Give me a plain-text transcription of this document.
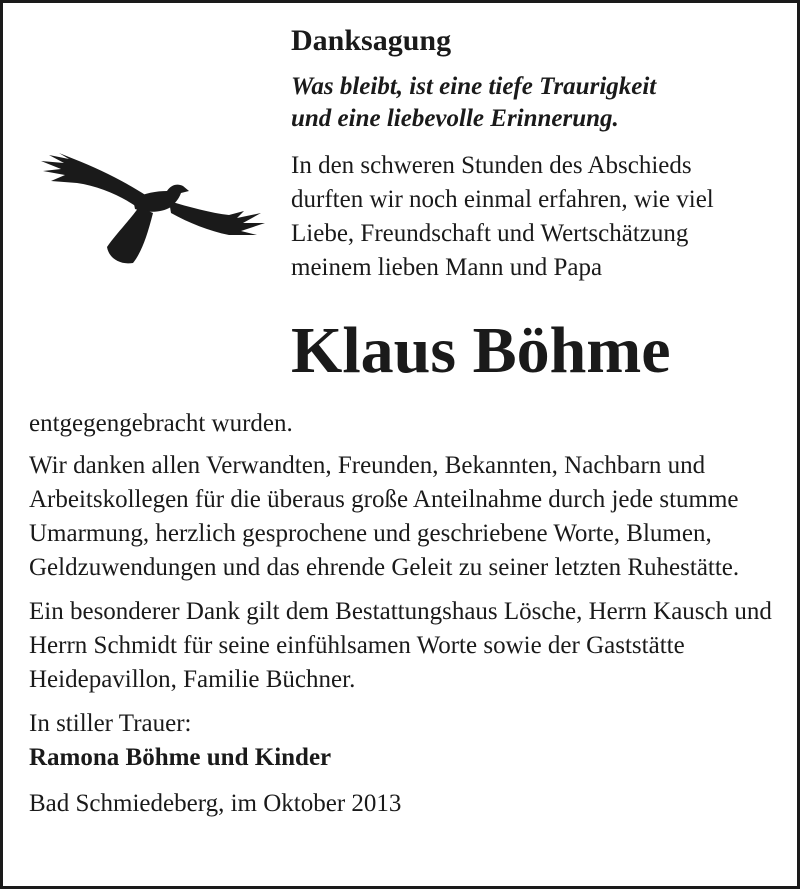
Danksagung
Was bleibt, ist eine tiefe Traurigkeit
und eine liebevolle Erinnerung.
In den schweren Stunden des Abschieds
durften wir noch einmal erfahren, wie viel
Liebe, Freundschaft und Wertschätzung
meinem lieben Mann und Papa
Klaus Böhme

entgegengebracht wurden.

Wir danken allen Verwandten, Freunden, Bekannten, Nachbarn und Arbeitskollegen für die überaus große Anteilnahme durch jede stumme Umarmung, herzlich gesprochene und geschriebene Worte, Blumen, Geldzuwendungen und das ehrende Geleit zu seiner letzten Ruhestätte.

Ein besonderer Dank gilt dem Bestattungshaus Lösche, Herrn Kausch und Herrn Schmidt für seine einfühlsamen Worte sowie der Gaststätte Heidepavillon, Familie Büchner.

In stiller Trauer:

Ramona Böhme und Kinder

Bad Schmiedeberg, im Oktober 2013
